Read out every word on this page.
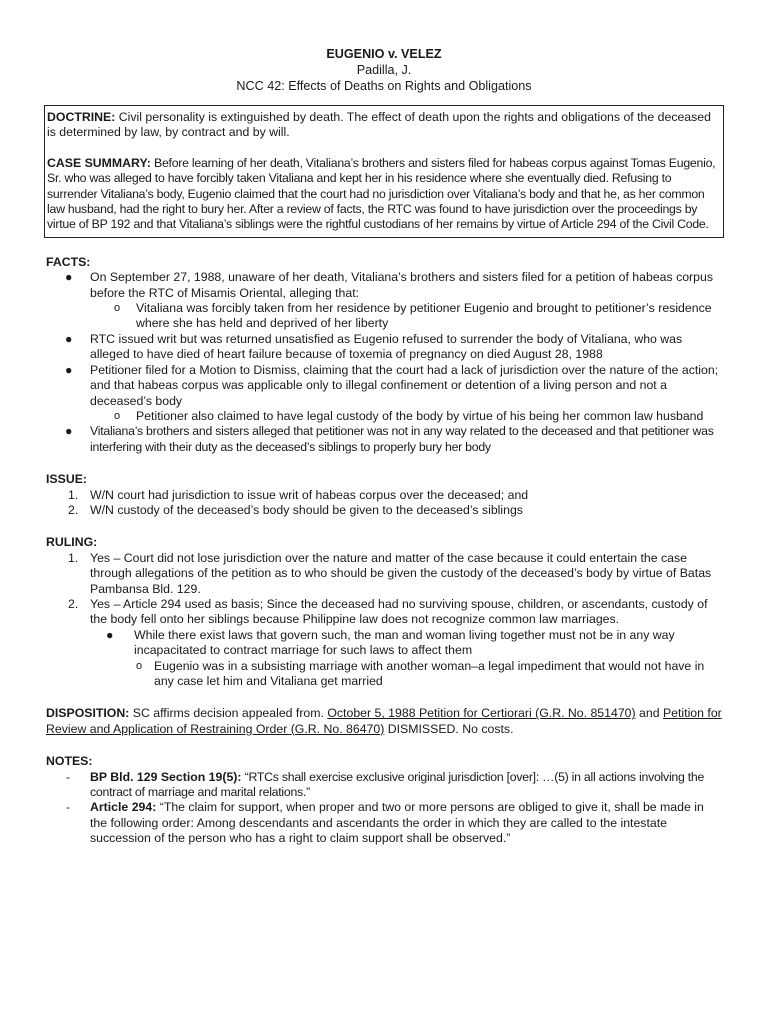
EUGENIO v. VELEZ
Padilla, J.
NCC 42: Effects of Deaths on Rights and Obligations

DOCTRINE: Civil personality is extinguished by death. The effect of death upon the rights and obligations of the deceased is determined by law, by contract and by will.

CASE SUMMARY: Before learning of her death, Vitaliana’s brothers and sisters filed for habeas corpus against Tomas Eugenio, Sr. who was alleged to have forcibly taken Vitaliana and kept her in his residence where she eventually died. Refusing to surrender Vitaliana’s body, Eugenio claimed that the court had no jurisdiction over Vitaliana’s body and that he, as her common law husband, had the right to bury her. After a review of facts, the RTC was found to have jurisdiction over the proceedings by virtue of BP 192 and that Vitaliana’s siblings were the rightful custodians of her remains by virtue of Article 294 of the Civil Code.

FACTS:
● On September 27, 1988, unaware of her death, Vitaliana’s brothers and sisters filed for a petition of habeas corpus before the RTC of Misamis Oriental, alleging that:
o Vitaliana was forcibly taken from her residence by petitioner Eugenio and brought to petitioner’s residence where she has held and deprived of her liberty
● RTC issued writ but was returned unsatisfied as Eugenio refused to surrender the body of Vitaliana, who was alleged to have died of heart failure because of toxemia of pregnancy on died August 28, 1988
● Petitioner filed for a Motion to Dismiss, claiming that the court had a lack of jurisdiction over the nature of the action; and that habeas corpus was applicable only to illegal confinement or detention of a living person and not a deceased’s body
o Petitioner also claimed to have legal custody of the body by virtue of his being her common law husband
● Vitaliana’s brothers and sisters alleged that petitioner was not in any way related to the deceased and that petitioner was interfering with their duty as the deceased’s siblings to properly bury her body
ISSUE:
1. W/N court had jurisdiction to issue writ of habeas corpus over the deceased; and
2. W/N custody of the deceased’s body should be given to the deceased’s siblings
RULING:
1. Yes – Court did not lose jurisdiction over the nature and matter of the case because it could entertain the case through allegations of the petition as to who should be given the custody of the deceased’s body by virtue of Batas Pambansa Bld. 129.
2. Yes – Article 294 used as basis; Since the deceased had no surviving spouse, children, or ascendants, custody of the body fell onto her siblings because Philippine law does not recognize common law marriages.
● While there exist laws that govern such, the man and woman living together must not be in any way incapacitated to contract marriage for such laws to affect them
o Eugenio was in a subsisting marriage with another woman–a legal impediment that would not have in any case let him and Vitaliana get married
DISPOSITION: SC affirms decision appealed from. October 5, 1988 Petition for Certiorari (G.R. No. 851470) and Petition for Review and Application of Restraining Order (G.R. No. 86470) DISMISSED. No costs.
NOTES:
- BP Bld. 129 Section 19(5): “RTCs shall exercise exclusive original jurisdiction [over]: …(5) in all actions involving the contract of marriage and marital relations.”
- Article 294: “The claim for support, when proper and two or more persons are obliged to give it, shall be made in the following order: Among descendants and ascendants the order in which they are called to the intestate succession of the person who has a right to claim support shall be observed.”
